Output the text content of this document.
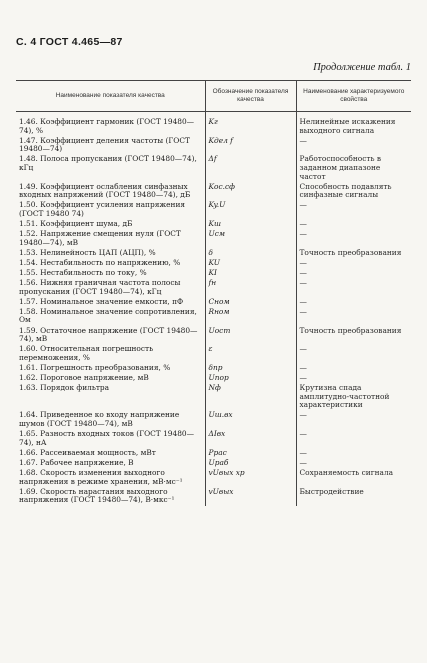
С. 4 ГОСТ 4.465—87
Продолжение табл. 1
Наименование показателя качества	Обозначение показателя качества	Наименование характеризуемого свойства
1.46. Коэффициент гармоник (ГОСТ 19480—74), %	Kг	Нелинейные искажения выходного сигнала
1.47. Коэффициент деления частоты (ГОСТ 19480—74)	Kдел f	—
1.48. Полоса пропускания (ГОСТ 19480—74), кГц	Δf	Работоспособность в заданном диапазоне частот
1.49. Коэффициент ослабления синфазных входных напряжений (ГОСТ 19480—74), дБ	Kос.сф	Способность подавлять синфазные сигналы
1.50. Коэффициент усиления напряжения (ГОСТ 19480 74)	Ky.U	—
1.51. Коэффициент шума, дБ	Kш	—
1.52. Напряжение смещения нуля (ГОСТ 19480—74), мВ	Uсм	—
1.53. Нелинейность ЦАП (АЦП), %	δ	Точность преобразования
1.54. Нестабильность по напряжению, %	KU	—
1.55. Нестабильность по току, %	KI	—
1.56. Нижняя граничная частота полосы пропускания (ГОСТ 19480—74), кГц	fн	—
1.57. Номинальное значение емкости, пФ	Cном	—
1.58. Номинальное значение сопротивления, Ом	Rном	—
1.59. Остаточное напряжение (ГОСТ 19480—74), мВ	Uост	Точность преобразования
1.60. Относительная погрешность перемножения, %	ε	—
1.61. Погрешность преобразования, %	δпр	—
1.62. Пороговое напряжение, мВ	Uпор	—
1.63. Порядок фильтра	Nф	Крутизна спада амплитудно-частотной характеристики
1.64. Приведенное ко входу напряжение шумов (ГОСТ 19480—74), мВ	Uш.вх	—
1.65. Разность входных токов (ГОСТ 19480—74), нА	ΔIвх	—
1.66. Рассеиваемая мощность, мВт	Pрас	—
1.67. Рабочее напряжение, В	Uраб	—
1.68. Скорость изменения выходного напряжения в режиме хранения, мВ·мс⁻¹	vUвых хр	Сохраняемость сигнала
1.69. Скорость нарастания выходного напряжения (ГОСТ 19480—74), В·мкс⁻¹	vUвых	Быстродействие
